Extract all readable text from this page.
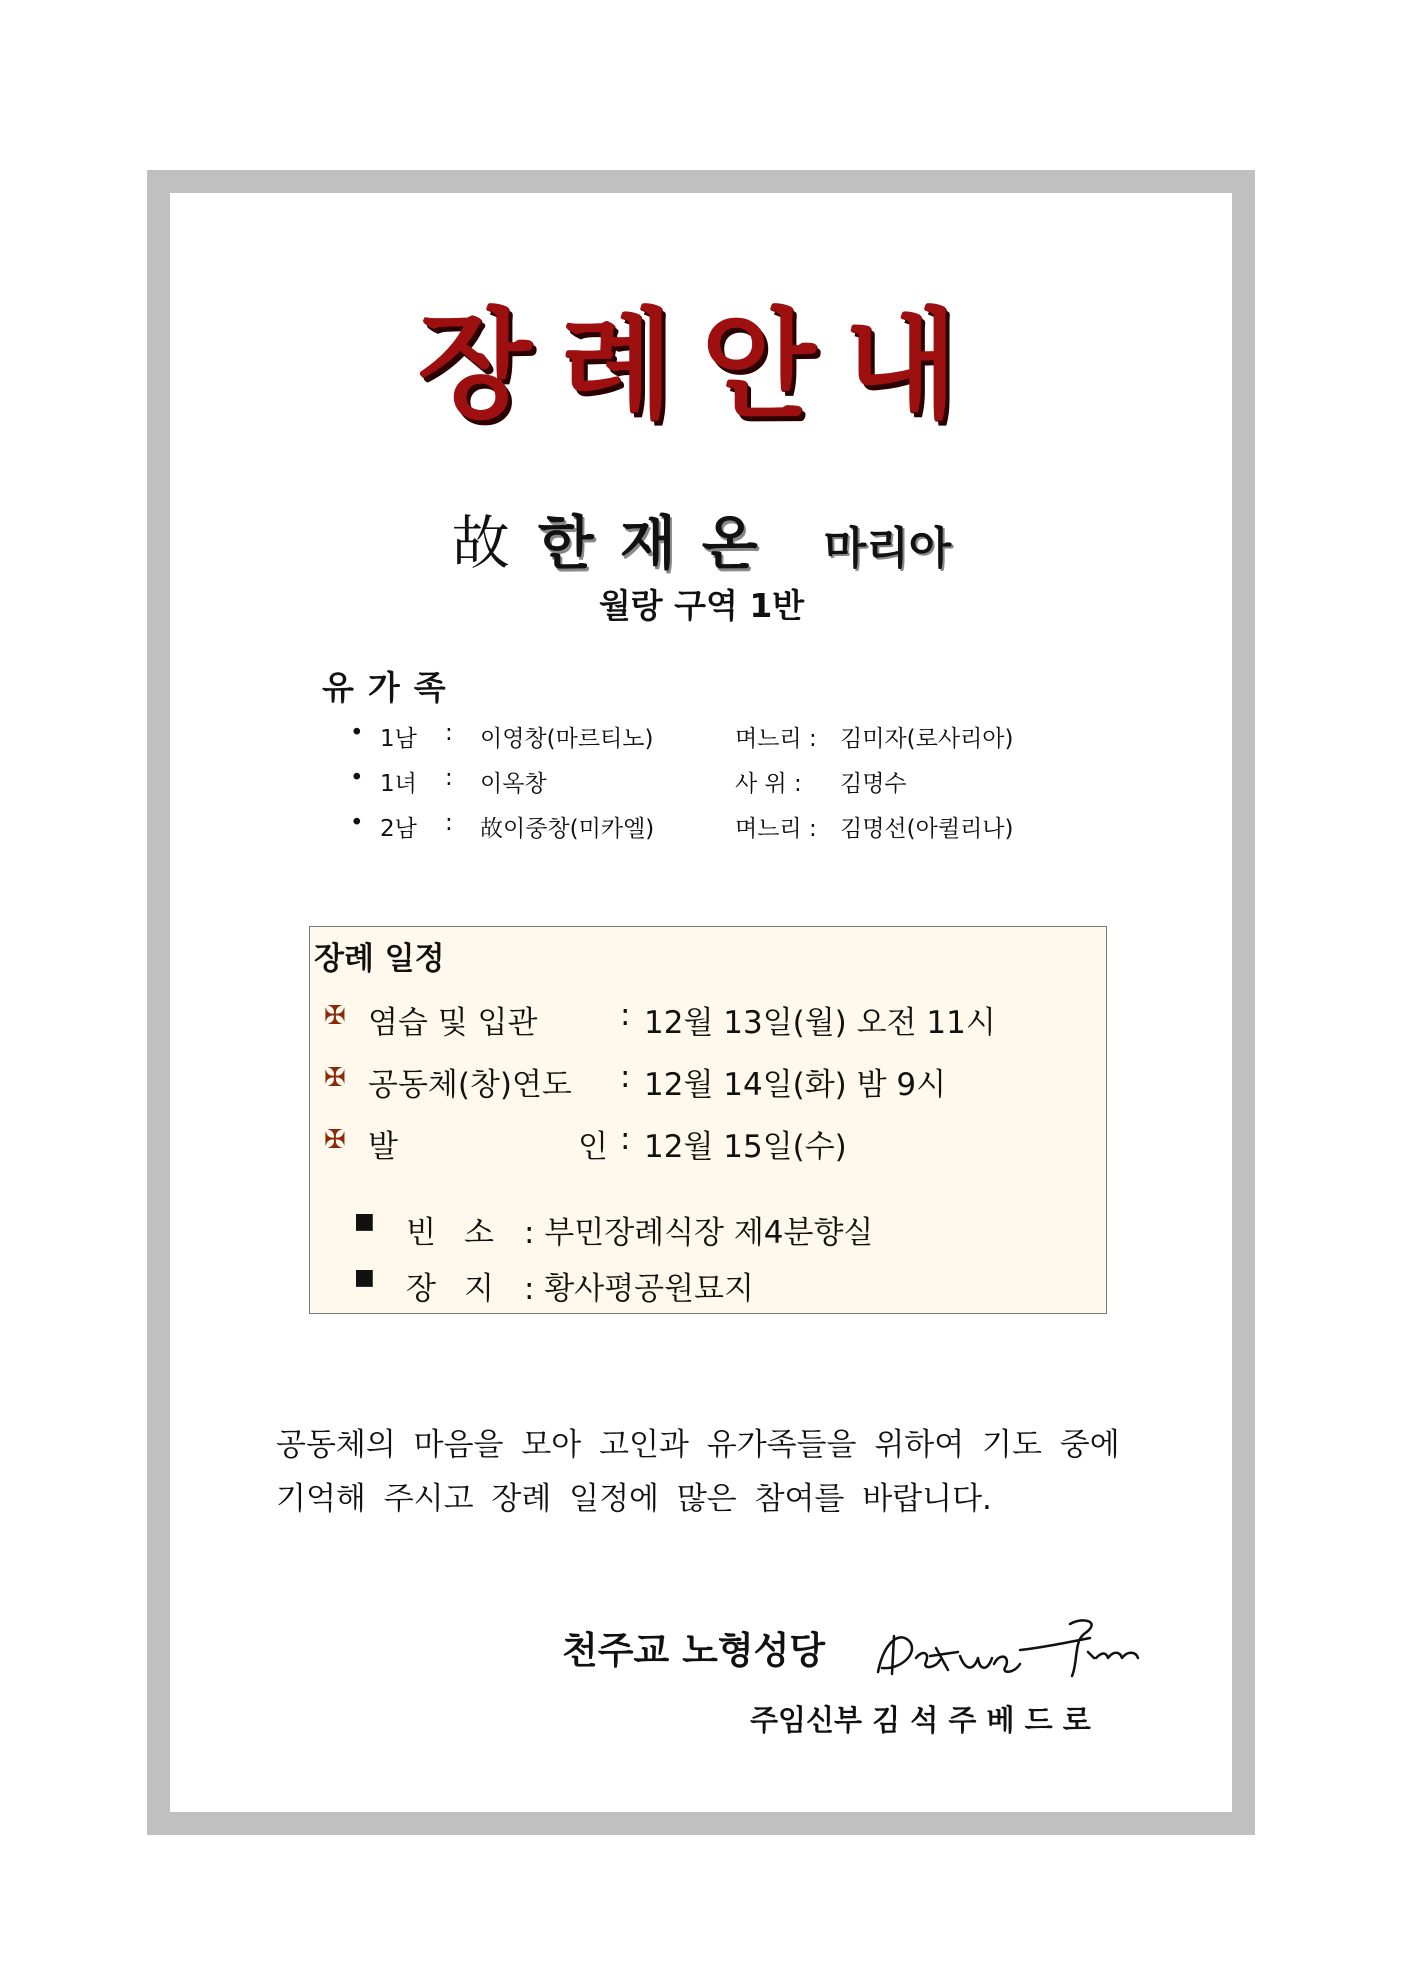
장례안내
故 한재온 마리아
월랑 구역 1반
유가족
• 1남 : 이영창(마르티노)	며느리 : 김미자(로사리아)
• 1녀 : 이옥창	사 위 : 김명수
• 2남 : 故이중창(미카엘)	며느리 : 김명선(아퀼리나)
장례 일정
✠ 염습 및 입관	: 12월 13일(월) 오전 11시
✠ 공동체(창)연도 : 12월 14일(화) 밤 9시
✠ 발	인 : 12월 15일(수)
■ 빈소 : 부민장례식장 제4분향실
■ 장지 : 황사평공원묘지
공동체의 마음을 모아 고인과 유가족들을 위하여 기도 중에
기억해 주시고 장례 일정에 많은 참여를 바랍니다.
천주교 노형성당
주임신부 김 석 주 베 드 로
